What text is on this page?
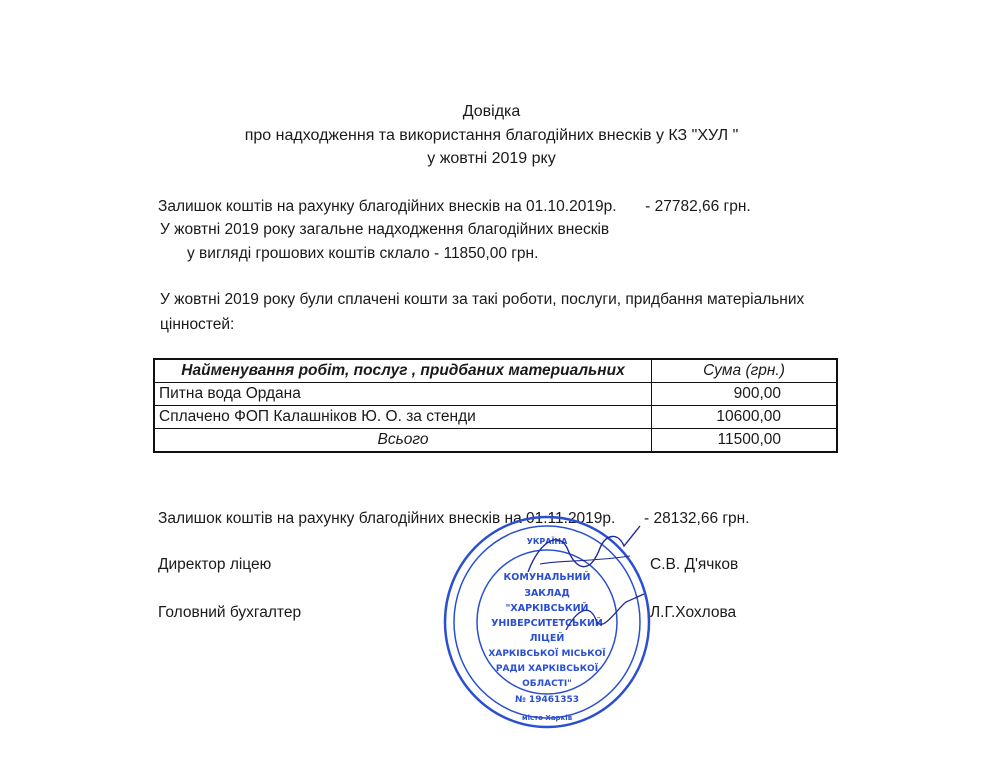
Довідка
про надходження та використання благодійних внесків у КЗ "ХУЛ "
у жовтні 2019 рку
Залишок коштів на рахунку благодійних внесків на 01.10.2019р. - 27782,66 грн.
У жовтні 2019 року загальне надходження благодійних внесків
у вигляді грошових коштів склало - 11850,00 грн.
У жовтні 2019 року були сплачені кошти за такі роботи, послуги, придбання матеріальних
цінностей:
Найменування робіт, послуг , придбаних материальних	Сума (грн.)
Питна вода Ордана	900,00
Сплачено ФОП Калашніков Ю. О. за стенди	10600,00
Всього	11500,00
Залишок коштів на рахунку благодійних внесків на 01.11.2019р. - 28132,66 грн.
Директор ліцею	С.В. Д'ячков
Головний бухгалтер	Л.Г.Хохлова
УКРАЇНА
КОМУНАЛЬНИЙ
ЗАКЛАД
"ХАРКІВСЬКИЙ
УНІВЕРСИТЕТСЬКИЙ
ЛІЦЕЙ
ХАРКІВСЬКОЇ МІСЬКОЇ
РАДИ ХАРКІВСЬКОЇ
ОБЛАСТІ"
№ 19461353
місто Харків
